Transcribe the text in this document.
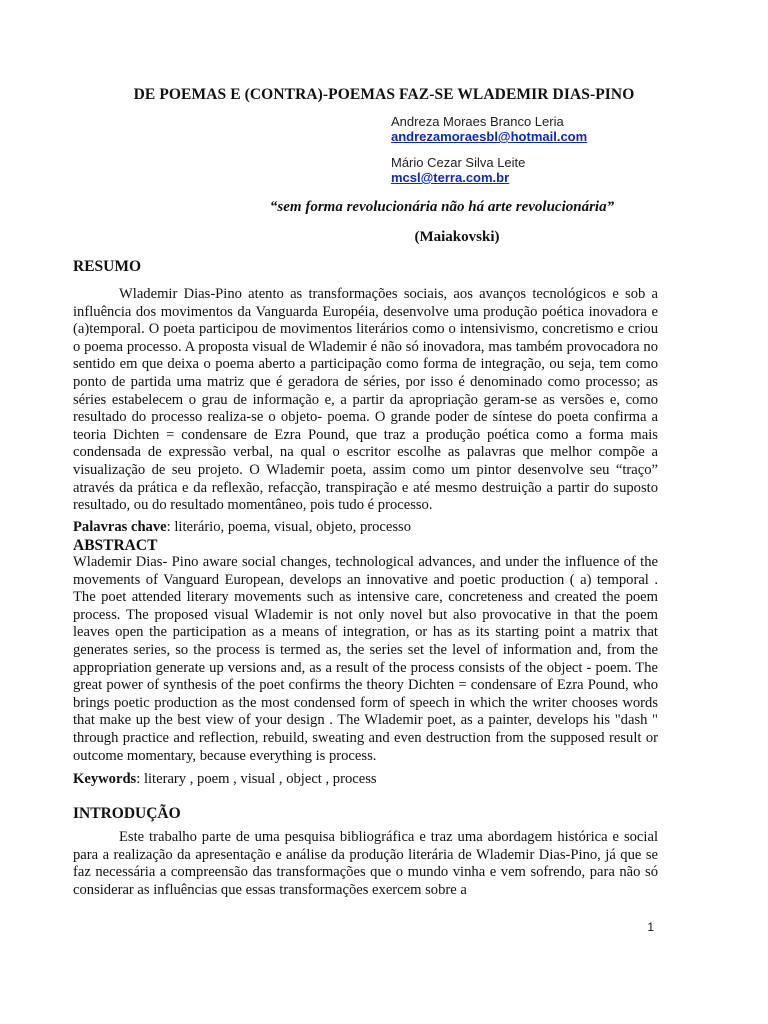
DE POEMAS E (CONTRA)-POEMAS FAZ-SE WLADEMIR DIAS-PINO
Andreza Moraes Branco Leria
andrezamoraesbl@hotmail.com
Mário Cezar Silva Leite
mcsl@terra.com.br
“sem forma revolucionária não há arte revolucionária”
(Maiakovski)
RESUMO

Wlademir Dias-Pino atento as transformações sociais, aos avanços tecnológicos e sob a influência dos movimentos da Vanguarda Européia, desenvolve uma produção poética inovadora e (a)temporal. O poeta participou de movimentos literários como o intensivismo, concretismo e criou o poema processo. A proposta visual de Wlademir é não só inovadora, mas também provocadora no sentido em que deixa o poema aberto a participação como forma de integração, ou seja, tem como ponto de partida uma matriz que é geradora de séries, por isso é denominado como processo; as séries estabelecem o grau de informação e, a partir da apropriação geram-se as versões e, como resultado do processo realiza-se o objeto- poema. O grande poder de síntese do poeta confirma a teoria Dichten = condensare de Ezra Pound, que traz a produção poética como a forma mais condensada de expressão verbal, na qual o escritor escolhe as palavras que melhor compõe a visualização de seu projeto. O Wlademir poeta, assim como um pintor desenvolve seu “traço” através da prática e da reflexão, refacção, transpiração e até mesmo destruição a partir do suposto resultado, ou do resultado momentâneo, pois tudo é processo.

Palavras chave: literário, poema, visual, objeto, processo
ABSTRACT

Wlademir Dias- Pino aware social changes, technological advances, and under the influence of the movements of Vanguard European, develops an innovative and poetic production ( a) temporal . The poet attended literary movements such as intensive care, concreteness and created the poem process. The proposed visual Wlademir is not only novel but also provocative in that the poem leaves open the participation as a means of integration, or has as its starting point a matrix that generates series, so the process is termed as, the series set the level of information and, from the appropriation generate up versions and, as a result of the process consists of the object - poem. The great power of synthesis of the poet confirms the theory Dichten = condensare of Ezra Pound, who brings poetic production as the most condensed form of speech in which the writer chooses words that make up the best view of your design . The Wlademir poet, as a painter, develops his "dash " through practice and reflection, rebuild, sweating and even destruction from the supposed result or outcome momentary, because everything is process.

Keywords: literary , poem , visual , object , process
INTRODUÇÃO

Este trabalho parte de uma pesquisa bibliográfica e traz uma abordagem histórica e social para a realização da apresentação e análise da produção literária de Wlademir Dias-Pino, já que se faz necessária a compreensão das transformações que o mundo vinha e vem sofrendo, para não só considerar as influências que essas transformações exercem sobre a

1
